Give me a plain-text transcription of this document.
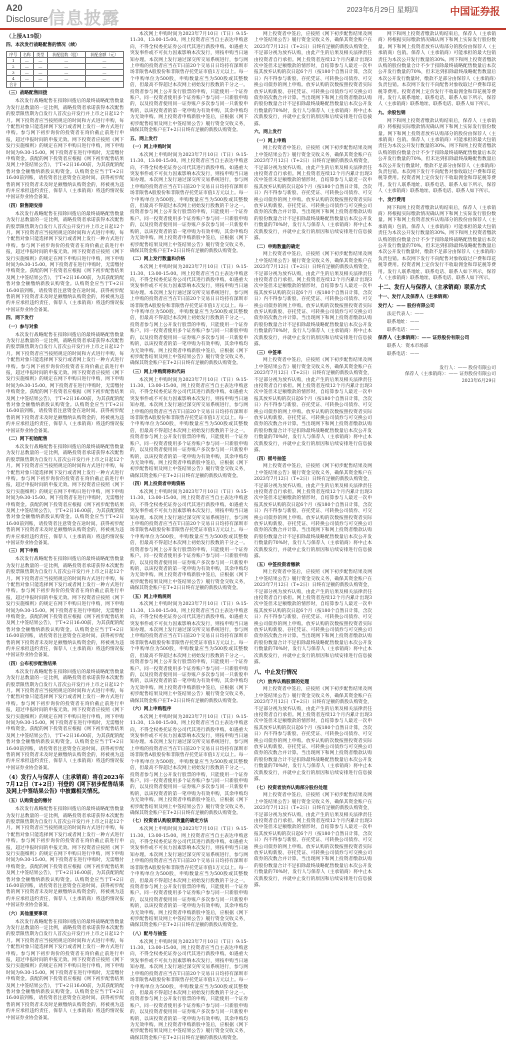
A20
Disclosure 信息披露	2023年6月29日 星期四	中国证券报
（上接A19版）
四、本次发行战略配售的情况（续）
序号	名称	类型	获配股数（股）	获配金额（元）
1	—	—	—	—
2	—	—	—	—
3	—	—	—	—
4	—	—	—	—
合计				

（三）战略配售回拨

本次发行战略配售在扣除回拨后的最终战略配售数量为发行总数量的一定比例，战略投资者承诺获得本次配售的股票限售期为自发行人首次公开发行并上市之日起12个月。网下投资者应当按照规定的时间和方式进行申购，每个配售对象只能选择网下发行或者网上发行一种方式进行申购。参与网下初步询价的投资者在询价截止前进行申报，超过申报时间的申报无效。网下投资者应按照《网下发行实施细则》的规定在网下申购日进行申购，网下申购时间为9:30-15:00。网下投资者在进行申购时，无需缴付申购资金。获配的网下投资者应根据《网下初步配售结果及网上中签结果公告》，于T+2日16:00前，为其获配的配售对象全额缴纳新股认购资金。认购资金应当于T+2日16:00前到账，请投资者注意资金在途时间。获得初步配售的网下投资者未及时足额缴纳认购资金的，将被视为违约并应承担违约责任，保荐人（主承销商）将违约情况报中国证券业协会备案。

（四）限售期安排

本次发行战略配售在扣除回拨后的最终战略配售数量为发行总数量的一定比例，战略投资者承诺获得本次配售的股票限售期为自发行人首次公开发行并上市之日起12个月。网下投资者应当按照规定的时间和方式进行申购，每个配售对象只能选择网下发行或者网上发行一种方式进行申购。参与网下初步询价的投资者在询价截止前进行申报，超过申报时间的申报无效。网下投资者应按照《网下发行实施细则》的规定在网下申购日进行申购，网下申购时间为9:30-15:00。网下投资者在进行申购时，无需缴付申购资金。获配的网下投资者应根据《网下初步配售结果及网上中签结果公告》，于T+2日16:00前，为其获配的配售对象全额缴纳新股认购资金。认购资金应当于T+2日16:00前到账，请投资者注意资金在途时间。获得初步配售的网下投资者未及时足额缴纳认购资金的，将被视为违约并应承担违约责任，保荐人（主承销商）将违约情况报中国证券业协会备案。

四、网下发行

（一）参与对象

本次发行战略配售在扣除回拨后的最终战略配售数量为发行总数量的一定比例，战略投资者承诺获得本次配售的股票限售期为自发行人首次公开发行并上市之日起12个月。网下投资者应当按照规定的时间和方式进行申购，每个配售对象只能选择网下发行或者网上发行一种方式进行申购。参与网下初步询价的投资者在询价截止前进行申报，超过申报时间的申报无效。网下投资者应按照《网下发行实施细则》的规定在网下申购日进行申购，网下申购时间为9:30-15:00。网下投资者在进行申购时，无需缴付申购资金。获配的网下投资者应根据《网下初步配售结果及网上中签结果公告》，于T+2日16:00前，为其获配的配售对象全额缴纳新股认购资金。认购资金应当于T+2日16:00前到账，请投资者注意资金在途时间。获得初步配售的网下投资者未及时足额缴纳认购资金的，将被视为违约并应承担违约责任，保荐人（主承销商）将违约情况报中国证券业协会备案。

（二）网下初始配售

本次发行战略配售在扣除回拨后的最终战略配售数量为发行总数量的一定比例，战略投资者承诺获得本次配售的股票限售期为自发行人首次公开发行并上市之日起12个月。网下投资者应当按照规定的时间和方式进行申购，每个配售对象只能选择网下发行或者网上发行一种方式进行申购。参与网下初步询价的投资者在询价截止前进行申报，超过申报时间的申报无效。网下投资者应按照《网下发行实施细则》的规定在网下申购日进行申购，网下申购时间为9:30-15:00。网下投资者在进行申购时，无需缴付申购资金。获配的网下投资者应根据《网下初步配售结果及网上中签结果公告》，于T+2日16:00前，为其获配的配售对象全额缴纳新股认购资金。认购资金应当于T+2日16:00前到账，请投资者注意资金在途时间。获得初步配售的网下投资者未及时足额缴纳认购资金的，将被视为违约并应承担违约责任，保荐人（主承销商）将违约情况报中国证券业协会备案。

（三）网下申购

本次发行战略配售在扣除回拨后的最终战略配售数量为发行总数量的一定比例，战略投资者承诺获得本次配售的股票限售期为自发行人首次公开发行并上市之日起12个月。网下投资者应当按照规定的时间和方式进行申购，每个配售对象只能选择网下发行或者网上发行一种方式进行申购。参与网下初步询价的投资者在询价截止前进行申报，超过申报时间的申报无效。网下投资者应按照《网下发行实施细则》的规定在网下申购日进行申购，网下申购时间为9:30-15:00。网下投资者在进行申购时，无需缴付申购资金。获配的网下投资者应根据《网下初步配售结果及网上中签结果公告》，于T+2日16:00前，为其获配的配售对象全额缴纳新股认购资金。认购资金应当于T+2日16:00前到账，请投资者注意资金在途时间。获得初步配售的网下投资者未及时足额缴纳认购资金的，将被视为违约并应承担违约责任，保荐人（主承销商）将违约情况报中国证券业协会备案。

（四）公布初步配售结果

本次发行战略配售在扣除回拨后的最终战略配售数量为发行总数量的一定比例，战略投资者承诺获得本次配售的股票限售期为自发行人首次公开发行并上市之日起12个月。网下投资者应当按照规定的时间和方式进行申购，每个配售对象只能选择网下发行或者网上发行一种方式进行申购。参与网下初步询价的投资者在询价截止前进行申报，超过申报时间的申报无效。网下投资者应按照《网下发行实施细则》的规定在网下申购日进行申购，网下申购时间为9:30-15:00。网下投资者在进行申购时，无需缴付申购资金。获配的网下投资者应根据《网下初步配售结果及网上中签结果公告》，于T+2日16:00前，为其获配的配售对象全额缴纳新股认购资金。认购资金应当于T+2日16:00前到账，请投资者注意资金在途时间。获得初步配售的网下投资者未及时足额缴纳认购资金的，将被视为违约并应承担违约责任，保荐人（主承销商）将违约情况报中国证券业协会备案。

（4）发行人与保荐人（主承销商）将在2023年7月12日（T+2日）刊登的《网下初步配售结果及网上中签结果公告》中披露相关情况。

（五）认购资金的缴付

本次发行战略配售在扣除回拨后的最终战略配售数量为发行总数量的一定比例，战略投资者承诺获得本次配售的股票限售期为自发行人首次公开发行并上市之日起12个月。网下投资者应当按照规定的时间和方式进行申购，每个配售对象只能选择网下发行或者网上发行一种方式进行申购。参与网下初步询价的投资者在询价截止前进行申报，超过申报时间的申报无效。网下投资者应按照《网下发行实施细则》的规定在网下申购日进行申购，网下申购时间为9:30-15:00。网下投资者在进行申购时，无需缴付申购资金。获配的网下投资者应根据《网下初步配售结果及网上中签结果公告》，于T+2日16:00前，为其获配的配售对象全额缴纳新股认购资金。认购资金应当于T+2日16:00前到账，请投资者注意资金在途时间。获得初步配售的网下投资者未及时足额缴纳认购资金的，将被视为违约并应承担违约责任，保荐人（主承销商）将违约情况报中国证券业协会备案。

（六）其他重要事项

本次发行战略配售在扣除回拨后的最终战略配售数量为发行总数量的一定比例，战略投资者承诺获得本次配售的股票限售期为自发行人首次公开发行并上市之日起12个月。网下投资者应当按照规定的时间和方式进行申购，每个配售对象只能选择网下发行或者网上发行一种方式进行申购。参与网下初步询价的投资者在询价截止前进行申报，超过申报时间的申报无效。网下投资者应按照《网下发行实施细则》的规定在网下申购日进行申购，网下申购时间为9:30-15:00。网下投资者在进行申购时，无需缴付申购资金。获配的网下投资者应根据《网下初步配售结果及网上中签结果公告》，于T+2日16:00前，为其获配的配售对象全额缴纳新股认购资金。认购资金应当于T+2日16:00前到账，请投资者注意资金在途时间。获得初步配售的网下投资者未及时足额缴纳认购资金的，将被视为违约并应承担违约责任，保荐人（主承销商）将违约情况报中国证券业协会备案。

本次网上申购时间为2023年7月10日（T日）9:15-11:30、13:00-15:00。网上投资者应当自主表达申购意向，不得全权委托证券公司代其进行新股申购。如遇重大突发事件或不可抗力因素影响本次发行，则按申购当日通知办理。本次网上发行通过深交所交易系统进行，参与网上申购的投资者应当在T日前20个交易日日均持有深圳市场非限售A股股份和非限售存托凭证市值1万元以上。每一个申购单位为500股，申购数量应当为500股或其整数倍，但最高不得超过本次网上初始发行股数的千分之一。投资者参与网上公开发行股票的申购，只能使用一个证券账户。同一投资者使用多个证券账户参与同一只新股申购的，以及投资者使用同一证券账户多次参与同一只新股申购的，以该投资者的第一笔申购为有效申购，其余申购均为无效申购。网上投资者申购新股中签后，应根据《网下初步配售结果及网上中签结果公告》履行资金交收义务，确保其资金账户在T+2日日终有足额的新股认购资金。

五、网上发行

（一）网上申购时间

本次网上申购时间为2023年7月10日（T日）9:15-11:30、13:00-15:00。网上投资者应当自主表达申购意向，不得全权委托证券公司代其进行新股申购。如遇重大突发事件或不可抗力因素影响本次发行，则按申购当日通知办理。本次网上发行通过深交所交易系统进行，参与网上申购的投资者应当在T日前20个交易日日均持有深圳市场非限售A股股份和非限售存托凭证市值1万元以上。每一个申购单位为500股，申购数量应当为500股或其整数倍，但最高不得超过本次网上初始发行股数的千分之一。投资者参与网上公开发行股票的申购，只能使用一个证券账户。同一投资者使用多个证券账户参与同一只新股申购的，以及投资者使用同一证券账户多次参与同一只新股申购的，以该投资者的第一笔申购为有效申购，其余申购均为无效申购。网上投资者申购新股中签后，应根据《网下初步配售结果及网上中签结果公告》履行资金交收义务，确保其资金账户在T+2日日终有足额的新股认购资金。

（二）网上发行数量和价格

本次网上申购时间为2023年7月10日（T日）9:15-11:30、13:00-15:00。网上投资者应当自主表达申购意向，不得全权委托证券公司代其进行新股申购。如遇重大突发事件或不可抗力因素影响本次发行，则按申购当日通知办理。本次网上发行通过深交所交易系统进行，参与网上申购的投资者应当在T日前20个交易日日均持有深圳市场非限售A股股份和非限售存托凭证市值1万元以上。每一个申购单位为500股，申购数量应当为500股或其整数倍，但最高不得超过本次网上初始发行股数的千分之一。投资者参与网上公开发行股票的申购，只能使用一个证券账户。同一投资者使用多个证券账户参与同一只新股申购的，以及投资者使用同一证券账户多次参与同一只新股申购的，以该投资者的第一笔申购为有效申购，其余申购均为无效申购。网上投资者申购新股中签后，应根据《网下初步配售结果及网上中签结果公告》履行资金交收义务，确保其资金账户在T+2日日终有足额的新股认购资金。

（三）网上申购简称和代码

本次网上申购时间为2023年7月10日（T日）9:15-11:30、13:00-15:00。网上投资者应当自主表达申购意向，不得全权委托证券公司代其进行新股申购。如遇重大突发事件或不可抗力因素影响本次发行，则按申购当日通知办理。本次网上发行通过深交所交易系统进行，参与网上申购的投资者应当在T日前20个交易日日均持有深圳市场非限售A股股份和非限售存托凭证市值1万元以上。每一个申购单位为500股，申购数量应当为500股或其整数倍，但最高不得超过本次网上初始发行股数的千分之一。投资者参与网上公开发行股票的申购，只能使用一个证券账户。同一投资者使用多个证券账户参与同一只新股申购的，以及投资者使用同一证券账户多次参与同一只新股申购的，以该投资者的第一笔申购为有效申购，其余申购均为无效申购。网上投资者申购新股中签后，应根据《网下初步配售结果及网上中签结果公告》履行资金交收义务，确保其资金账户在T+2日日终有足额的新股认购资金。

（四）网上投资者申购资格

本次网上申购时间为2023年7月10日（T日）9:15-11:30、13:00-15:00。网上投资者应当自主表达申购意向，不得全权委托证券公司代其进行新股申购。如遇重大突发事件或不可抗力因素影响本次发行，则按申购当日通知办理。本次网上发行通过深交所交易系统进行，参与网上申购的投资者应当在T日前20个交易日日均持有深圳市场非限售A股股份和非限售存托凭证市值1万元以上。每一个申购单位为500股，申购数量应当为500股或其整数倍，但最高不得超过本次网上初始发行股数的千分之一。投资者参与网上公开发行股票的申购，只能使用一个证券账户。同一投资者使用多个证券账户参与同一只新股申购的，以及投资者使用同一证券账户多次参与同一只新股申购的，以该投资者的第一笔申购为有效申购，其余申购均为无效申购。网上投资者申购新股中签后，应根据《网下初步配售结果及网上中签结果公告》履行资金交收义务，确保其资金账户在T+2日日终有足额的新股认购资金。

（五）网上申购规则

本次网上申购时间为2023年7月10日（T日）9:15-11:30、13:00-15:00。网上投资者应当自主表达申购意向，不得全权委托证券公司代其进行新股申购。如遇重大突发事件或不可抗力因素影响本次发行，则按申购当日通知办理。本次网上发行通过深交所交易系统进行，参与网上申购的投资者应当在T日前20个交易日日均持有深圳市场非限售A股股份和非限售存托凭证市值1万元以上。每一个申购单位为500股，申购数量应当为500股或其整数倍，但最高不得超过本次网上初始发行股数的千分之一。投资者参与网上公开发行股票的申购，只能使用一个证券账户。同一投资者使用多个证券账户参与同一只新股申购的，以及投资者使用同一证券账户多次参与同一只新股申购的，以该投资者的第一笔申购为有效申购，其余申购均为无效申购。网上投资者申购新股中签后，应根据《网下初步配售结果及网上中签结果公告》履行资金交收义务，确保其资金账户在T+2日日终有足额的新股认购资金。

（六）网上申购程序

本次网上申购时间为2023年7月10日（T日）9:15-11:30、13:00-15:00。网上投资者应当自主表达申购意向，不得全权委托证券公司代其进行新股申购。如遇重大突发事件或不可抗力因素影响本次发行，则按申购当日通知办理。本次网上发行通过深交所交易系统进行，参与网上申购的投资者应当在T日前20个交易日日均持有深圳市场非限售A股股份和非限售存托凭证市值1万元以上。每一个申购单位为500股，申购数量应当为500股或其整数倍，但最高不得超过本次网上初始发行股数的千分之一。投资者参与网上公开发行股票的申购，只能使用一个证券账户。同一投资者使用多个证券账户参与同一只新股申购的，以及投资者使用同一证券账户多次参与同一只新股申购的，以该投资者的第一笔申购为有效申购，其余申购均为无效申购。网上投资者申购新股中签后，应根据《网下初步配售结果及网上中签结果公告》履行资金交收义务，确保其资金账户在T+2日日终有足额的新股认购资金。

（七）投资者认购股票数量的确定方法

本次网上申购时间为2023年7月10日（T日）9:15-11:30、13:00-15:00。网上投资者应当自主表达申购意向，不得全权委托证券公司代其进行新股申购。如遇重大突发事件或不可抗力因素影响本次发行，则按申购当日通知办理。本次网上发行通过深交所交易系统进行，参与网上申购的投资者应当在T日前20个交易日日均持有深圳市场非限售A股股份和非限售存托凭证市值1万元以上。每一个申购单位为500股，申购数量应当为500股或其整数倍，但最高不得超过本次网上初始发行股数的千分之一。投资者参与网上公开发行股票的申购，只能使用一个证券账户。同一投资者使用多个证券账户参与同一只新股申购的，以及投资者使用同一证券账户多次参与同一只新股申购的，以该投资者的第一笔申购为有效申购，其余申购均为无效申购。网上投资者申购新股中签后，应根据《网下初步配售结果及网上中签结果公告》履行资金交收义务，确保其资金账户在T+2日日终有足额的新股认购资金。

（八）配号与抽签

本次网上申购时间为2023年7月10日（T日）9:15-11:30、13:00-15:00。网上投资者应当自主表达申购意向，不得全权委托证券公司代其进行新股申购。如遇重大突发事件或不可抗力因素影响本次发行，则按申购当日通知办理。本次网上发行通过深交所交易系统进行，参与网上申购的投资者应当在T日前20个交易日日均持有深圳市场非限售A股股份和非限售存托凭证市值1万元以上。每一个申购单位为500股，申购数量应当为500股或其整数倍，但最高不得超过本次网上初始发行股数的千分之一。投资者参与网上公开发行股票的申购，只能使用一个证券账户。同一投资者使用多个证券账户参与同一只新股申购的，以及投资者使用同一证券账户多次参与同一只新股申购的，以该投资者的第一笔申购为有效申购，其余申购均为无效申购。网上投资者申购新股中签后，应根据《网下初步配售结果及网上中签结果公告》履行资金交收义务，确保其资金账户在T+2日日终有足额的新股认购资金。

网上投资者中签后，应按照《网下初步配售结果及网上中签结果公告》履行资金交收义务，确保其资金账户在2023年7月12日（T+2日）日终有足额的新股认购资金，不足部分视为放弃认购，由此产生的后果及相关法律责任由投资者自行承担。网上投资者连续12个月内累计出现3次中签但未足额缴款的情形时，自结算参与人最近一次申报其放弃认购的次日起6个月（按180个自然日计算，含次日）内不得参与新股、存托凭证、可转换公司债券、可交换公司债券的网上申购。放弃认购的次数按照投资者实际放弃认购新股、存托凭证、可转换公司债券与可交换公司债券的次数合并计算。当出现网下和网上投资者缴款认购的股份数量合计不足扣除最终战略配售数量后本次公开发行数量的70%时，发行人与保荐人（主承销商）将中止本次新股发行，并就中止发行的原因和后续安排进行信息披露。

六、网上发行

（一）网上申购

网上投资者中签后，应按照《网下初步配售结果及网上中签结果公告》履行资金交收义务，确保其资金账户在2023年7月12日（T+2日）日终有足额的新股认购资金，不足部分视为放弃认购，由此产生的后果及相关法律责任由投资者自行承担。网上投资者连续12个月内累计出现3次中签但未足额缴款的情形时，自结算参与人最近一次申报其放弃认购的次日起6个月（按180个自然日计算，含次日）内不得参与新股、存托凭证、可转换公司债券、可交换公司债券的网上申购。放弃认购的次数按照投资者实际放弃认购新股、存托凭证、可转换公司债券与可交换公司债券的次数合并计算。当出现网下和网上投资者缴款认购的股份数量合计不足扣除最终战略配售数量后本次公开发行数量的70%时，发行人与保荐人（主承销商）将中止本次新股发行，并就中止发行的原因和后续安排进行信息披露。

（二）申购数量的确定

网上投资者中签后，应按照《网下初步配售结果及网上中签结果公告》履行资金交收义务，确保其资金账户在2023年7月12日（T+2日）日终有足额的新股认购资金，不足部分视为放弃认购，由此产生的后果及相关法律责任由投资者自行承担。网上投资者连续12个月内累计出现3次中签但未足额缴款的情形时，自结算参与人最近一次申报其放弃认购的次日起6个月（按180个自然日计算，含次日）内不得参与新股、存托凭证、可转换公司债券、可交换公司债券的网上申购。放弃认购的次数按照投资者实际放弃认购新股、存托凭证、可转换公司债券与可交换公司债券的次数合并计算。当出现网下和网上投资者缴款认购的股份数量合计不足扣除最终战略配售数量后本次公开发行数量的70%时，发行人与保荐人（主承销商）将中止本次新股发行，并就中止发行的原因和后续安排进行信息披露。

（三）中签率

网上投资者中签后，应按照《网下初步配售结果及网上中签结果公告》履行资金交收义务，确保其资金账户在2023年7月12日（T+2日）日终有足额的新股认购资金，不足部分视为放弃认购，由此产生的后果及相关法律责任由投资者自行承担。网上投资者连续12个月内累计出现3次中签但未足额缴款的情形时，自结算参与人最近一次申报其放弃认购的次日起6个月（按180个自然日计算，含次日）内不得参与新股、存托凭证、可转换公司债券、可交换公司债券的网上申购。放弃认购的次数按照投资者实际放弃认购新股、存托凭证、可转换公司债券与可交换公司债券的次数合并计算。当出现网下和网上投资者缴款认购的股份数量合计不足扣除最终战略配售数量后本次公开发行数量的70%时，发行人与保荐人（主承销商）将中止本次新股发行，并就中止发行的原因和后续安排进行信息披露。

（四）摇号抽签

网上投资者中签后，应按照《网下初步配售结果及网上中签结果公告》履行资金交收义务，确保其资金账户在2023年7月12日（T+2日）日终有足额的新股认购资金，不足部分视为放弃认购，由此产生的后果及相关法律责任由投资者自行承担。网上投资者连续12个月内累计出现3次中签但未足额缴款的情形时，自结算参与人最近一次申报其放弃认购的次日起6个月（按180个自然日计算，含次日）内不得参与新股、存托凭证、可转换公司债券、可交换公司债券的网上申购。放弃认购的次数按照投资者实际放弃认购新股、存托凭证、可转换公司债券与可交换公司债券的次数合并计算。当出现网下和网上投资者缴款认购的股份数量合计不足扣除最终战略配售数量后本次公开发行数量的70%时，发行人与保荐人（主承销商）将中止本次新股发行，并就中止发行的原因和后续安排进行信息披露。

（五）中签投资者缴款

网上投资者中签后，应按照《网下初步配售结果及网上中签结果公告》履行资金交收义务，确保其资金账户在2023年7月12日（T+2日）日终有足额的新股认购资金，不足部分视为放弃认购，由此产生的后果及相关法律责任由投资者自行承担。网上投资者连续12个月内累计出现3次中签但未足额缴款的情形时，自结算参与人最近一次申报其放弃认购的次日起6个月（按180个自然日计算，含次日）内不得参与新股、存托凭证、可转换公司债券、可交换公司债券的网上申购。放弃认购的次数按照投资者实际放弃认购新股、存托凭证、可转换公司债券与可交换公司债券的次数合并计算。当出现网下和网上投资者缴款认购的股份数量合计不足扣除最终战略配售数量后本次公开发行数量的70%时，发行人与保荐人（主承销商）将中止本次新股发行，并就中止发行的原因和后续安排进行信息披露。

八、中止发行情况

（六）放弃认购股票的处理

网上投资者中签后，应按照《网下初步配售结果及网上中签结果公告》履行资金交收义务，确保其资金账户在2023年7月12日（T+2日）日终有足额的新股认购资金，不足部分视为放弃认购，由此产生的后果及相关法律责任由投资者自行承担。网上投资者连续12个月内累计出现3次中签但未足额缴款的情形时，自结算参与人最近一次申报其放弃认购的次日起6个月（按180个自然日计算，含次日）内不得参与新股、存托凭证、可转换公司债券、可交换公司债券的网上申购。放弃认购的次数按照投资者实际放弃认购新股、存托凭证、可转换公司债券与可交换公司债券的次数合并计算。当出现网下和网上投资者缴款认购的股份数量合计不足扣除最终战略配售数量后本次公开发行数量的70%时，发行人与保荐人（主承销商）将中止本次新股发行，并就中止发行的原因和后续安排进行信息披露。

（七）投资者放弃认购部分股份处理

网上投资者中签后，应按照《网下初步配售结果及网上中签结果公告》履行资金交收义务，确保其资金账户在2023年7月12日（T+2日）日终有足额的新股认购资金，不足部分视为放弃认购，由此产生的后果及相关法律责任由投资者自行承担。网上投资者连续12个月内累计出现3次中签但未足额缴款的情形时，自结算参与人最近一次申报其放弃认购的次日起6个月（按180个自然日计算，含次日）内不得参与新股、存托凭证、可转换公司债券、可交换公司债券的网上申购。放弃认购的次数按照投资者实际放弃认购新股、存托凭证、可转换公司债券与可交换公司债券的次数合并计算。当出现网下和网上投资者缴款认购的股份数量合计不足扣除最终战略配售数量后本次公开发行数量的70%时，发行人与保荐人（主承销商）将中止本次新股发行，并就中止发行的原因和后续安排进行信息披露。

网下和网上投资者缴款认购结束后，保荐人（主承销商）将根据实际缴款情况确认网下和网上实际发行股份数量。网下和网上投资者放弃认购部分的股份由保荐人（主承销商）包销。保荐人（主承销商）可能承担的最大包销责任为本次公开发行数量的30%。网下和网上投资者缴款认购的股份数量合计不少于扣除最终战略配售数量后本次公开发行数量的70%，但未达到扣除最终战略配售数量后本次公开发行数量时，缴款不足部分由保荐人（主承销商）负责包销。本次网下发行不向配售对象收取过户费和印花税等费用。投资者网上定价发行不收取佣金和印花税等费用。发行人联系地址、联系电话、联系人如下所示，保荐人（主承销商）联系地址、联系电话、联系人如下所示。

九、余股包销

网下和网上投资者缴款认购结束后，保荐人（主承销商）将根据实际缴款情况确认网下和网上实际发行股份数量。网下和网上投资者放弃认购部分的股份由保荐人（主承销商）包销。保荐人（主承销商）可能承担的最大包销责任为本次公开发行数量的30%。网下和网上投资者缴款认购的股份数量合计不少于扣除最终战略配售数量后本次公开发行数量的70%，但未达到扣除最终战略配售数量后本次公开发行数量时，缴款不足部分由保荐人（主承销商）负责包销。本次网下发行不向配售对象收取过户费和印花税等费用。投资者网上定价发行不收取佣金和印花税等费用。发行人联系地址、联系电话、联系人如下所示，保荐人（主承销商）联系地址、联系电话、联系人如下所示。

十、发行费用

网下和网上投资者缴款认购结束后，保荐人（主承销商）将根据实际缴款情况确认网下和网上实际发行股份数量。网下和网上投资者放弃认购部分的股份由保荐人（主承销商）包销。保荐人（主承销商）可能承担的最大包销责任为本次公开发行数量的30%。网下和网上投资者缴款认购的股份数量合计不少于扣除最终战略配售数量后本次公开发行数量的70%，但未达到扣除最终战略配售数量后本次公开发行数量时，缴款不足部分由保荐人（主承销商）负责包销。本次网下发行不向配售对象收取过户费和印花税等费用。投资者网上定价发行不收取佣金和印花税等费用。发行人联系地址、联系电话、联系人如下所示，保荐人（主承销商）联系地址、联系电话、联系人如下所示。

十二、发行人与保荐人（主承销商）联系方式

十一、发行人及保荐人（主承销商）

发行人：—— 股份有限公司

法定代表人：——

联系地址：——

联系电话：——

保荐人（主承销商）：—— 证券股份有限公司

联系人：资本市场部

联系电话：——

发行人：—— 股份有限公司
保荐人（主承销商）：—— 证券股份有限公司
2023年6月29日
